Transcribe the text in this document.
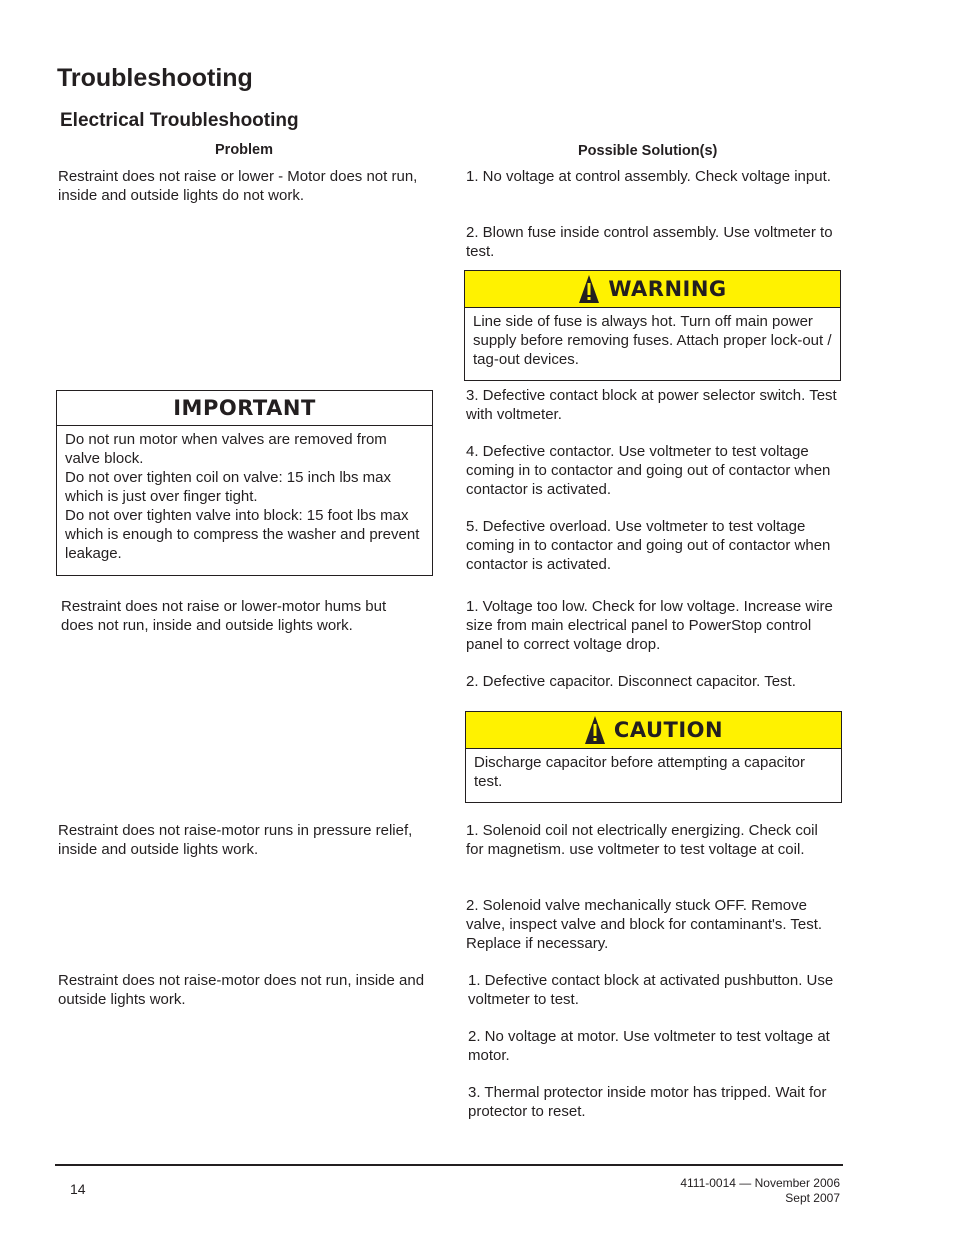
Troubleshooting
Electrical Troubleshooting
Problem	Possible Solution(s)
Restraint does not raise or lower - Motor does not run, inside and outside lights do not work.
1. No voltage at control assembly. Check voltage input.
2. Blown fuse inside control assembly. Use voltmeter to test.
WARNING
Line side of fuse is always hot. Turn off main power supply before removing fuses. Attach proper lock-out / tag-out devices.
IMPORTANT
Do not run motor when valves are removed from valve block.
Do not over tighten coil on valve: 15 inch lbs max which is just over finger tight.
Do not over tighten valve into block: 15 foot lbs max which is enough to compress the washer and prevent leakage.
3. Defective contact block at power selector switch. Test with voltmeter.
4. Defective contactor. Use voltmeter to test voltage coming in to contactor and going out of contactor when contactor is activated.
5. Defective overload. Use voltmeter to test voltage coming in to contactor and going out of contactor when contactor is activated.
Restraint does not raise or lower-motor hums but does not run, inside and outside lights work.
1. Voltage too low. Check for low voltage. Increase wire size from main electrical panel to PowerStop control panel to correct voltage drop.
2. Defective capacitor. Disconnect capacitor. Test.
CAUTION
Discharge capacitor before attempting a capacitor test.
Restraint does not raise-motor runs in pressure relief, inside and outside lights work.
1. Solenoid coil not electrically energizing. Check coil for magnetism. use voltmeter to test voltage at coil.
2. Solenoid valve mechanically stuck OFF. Remove valve, inspect valve and block for contaminant's. Test. Replace if necessary.
Restraint does not raise-motor does not run, inside and outside lights work.
1. Defective contact block at activated pushbutton. Use voltmeter to test.
2. No voltage at motor. Use voltmeter to test voltage at motor.
3. Thermal protector inside motor has tripped. Wait for protector to reset.
14	4111-0014 — November 2006
Sept 2007
